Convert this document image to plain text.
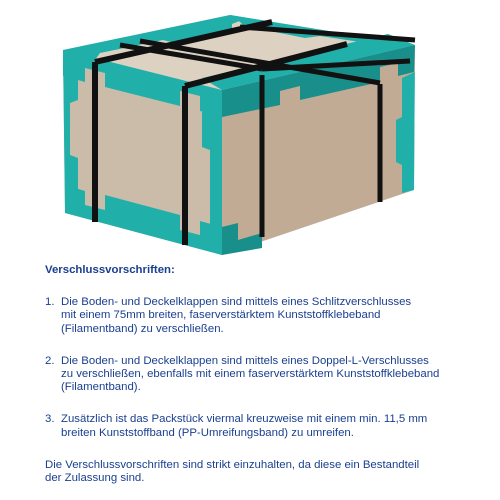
Verschlussvorschriften:

1. Die Boden- und Deckelklappen sind mittels eines Schlitzverschlusses
mit einem 75mm breiten, faserverstärktem Kunststoffklebeband
(Filamentband) zu verschließen.
2. Die Boden- und Deckelklappen sind mittels eines Doppel-L-Verschlusses
zu verschließen, ebenfalls mit einem faserverstärktem Kunststoffklebeband
(Filamentband).
3. Zusätzlich ist das Packstück viermal kreuzweise mit einem min. 11,5 mm
breiten Kunststoffband (PP-Umreifungsband) zu umreifen.

Die Verschlussvorschriften sind strikt einzuhalten, da diese ein Bestandteil
der Zulassung sind.
